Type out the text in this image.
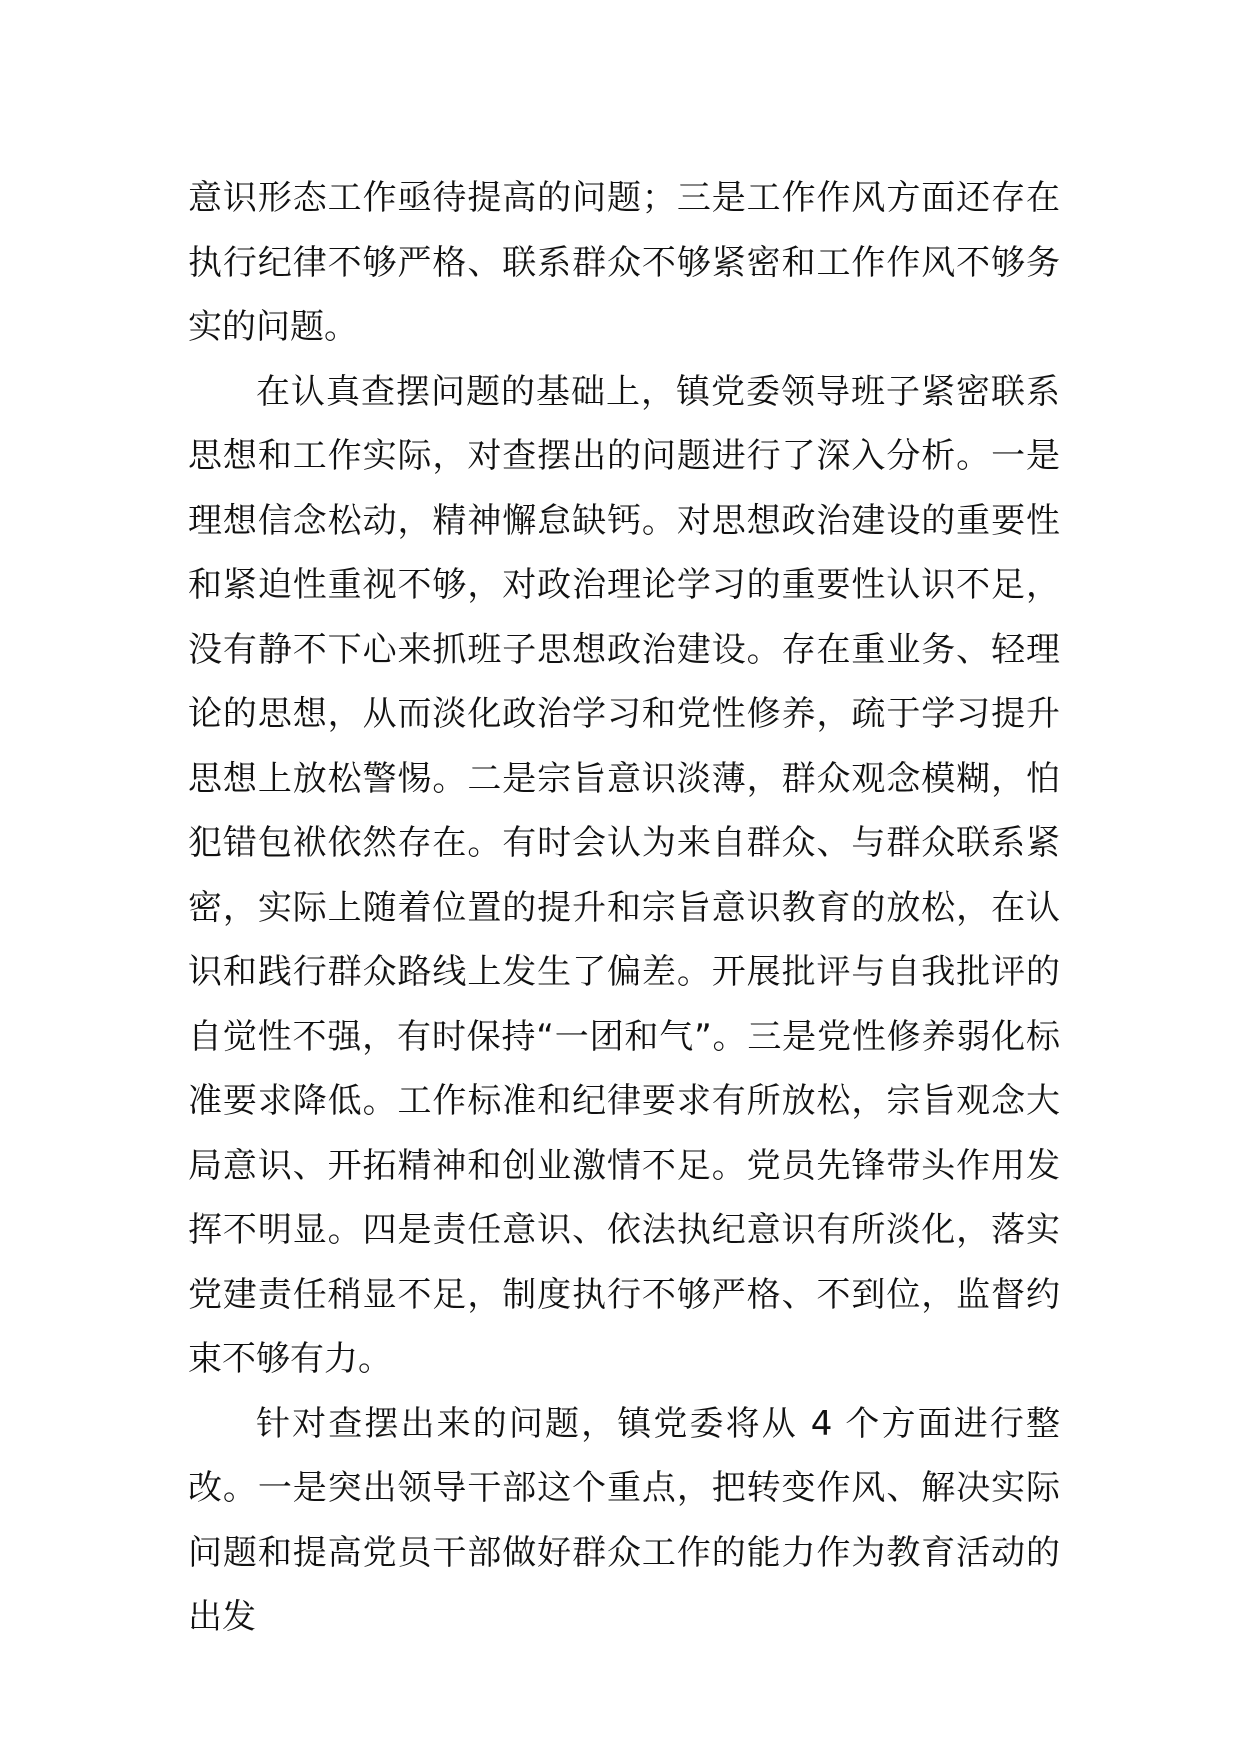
意识形态工作亟待提高的问题；三是工作作风方面还存在执行纪律不够严格、联系群众不够紧密和工作作风不够务实的问题。

在认真查摆问题的基础上，镇党委领导班子紧密联系思想和工作实际，对查摆出的问题进行了深入分析。一是理想信念松动，精神懈怠缺钙。对思想政治建设的重要性和紧迫性重视不够，对政治理论学习的重要性认识不足，没有静不下心来抓班子思想政治建设。存在重业务、轻理论的思想，从而淡化政治学习和党性修养，疏于学习提升思想上放松警惕。二是宗旨意识淡薄，群众观念模糊，怕犯错包袱依然存在。有时会认为来自群众、与群众联系紧密，实际上随着位置的提升和宗旨意识教育的放松，在认识和践行群众路线上发生了偏差。开展批评与自我批评的自觉性不强，有时保持“一团和气”。三是党性修养弱化标准要求降低。工作标准和纪律要求有所放松，宗旨观念大局意识、开拓精神和创业激情不足。党员先锋带头作用发挥不明显。四是责任意识、依法执纪意识有所淡化，落实党建责任稍显不足，制度执行不够严格、不到位，监督约束不够有力。

针对查摆出来的问题，镇党委将从 4 个方面进行整改。一是突出领导干部这个重点，把转变作风、解决实际问题和提高党员干部做好群众工作的能力作为教育活动的出发
